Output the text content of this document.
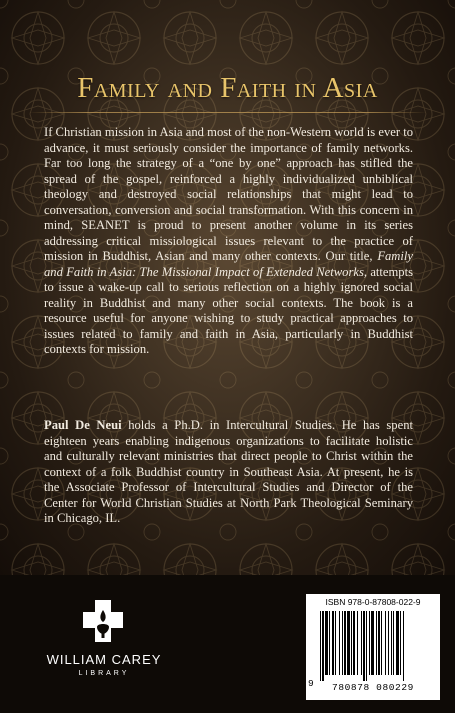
Family and Faith in Asia

If Christian mission in Asia and most of the non-Western world is ever to advance, it must seriously consider the importance of family networks. Far too long the strategy of a “one by one” approach has stifled the spread of the gospel, reinforced a highly individualized unbiblical theology and destroyed social relationships that might lead to conversation, conversion and social transformation. With this concern in mind, SEANET is proud to present another volume in its series addressing critical missiological issues relevant to the practice of mission in Buddhist, Asian and many other contexts. Our title, Family and Faith in Asia: The Missional Impact of Extended Networks, attempts to issue a wake-up call to serious reflection on a highly ignored social reality in Buddhist and many other social contexts. The book is a resource useful for anyone wishing to study practical approaches to issues related to family and faith in Asia, particularly in Buddhist contexts for mission.

Paul De Neui holds a Ph.D. in Intercultural Studies. He has spent eighteen years enabling indigenous organizations to facilitate holistic and culturally relevant ministries that direct people to Christ within the context of a folk Buddhist country in Southeast Asia. At present, he is the Associate Professor of Intercultural Studies and Director of the Center for World Christian Studies at North Park Theological Seminary in Chicago, IL.

WILLIAM CAREY
LIBRARY
ISBN 978-0-87808-022-9
9	780878 080229
